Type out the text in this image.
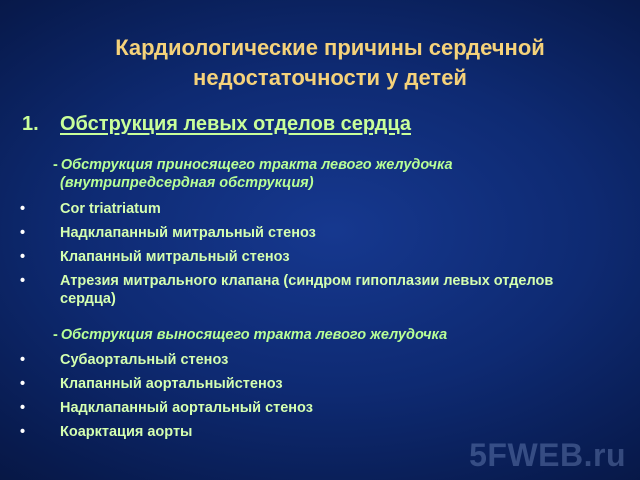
Кардиологические причины сердечной недостаточности у детей
1. Обструкция левых отделов сердца
- Обструкция приносящего тракта левого желудочка
(внутрипредсердная обструкция)
• Cor triatriatum
• Надклапанный митральный стеноз
• Клапанный митральный стеноз
• Атрезия митрального клапана (синдром гипоплазии левых отделов сердца)
- Обструкция выносящего тракта левого желудочка
• Субаортальный стеноз
• Клапанный аортальныйстеноз
• Надклапанный аортальный стеноз
• Коарктация аорты
5FWEB.ru
